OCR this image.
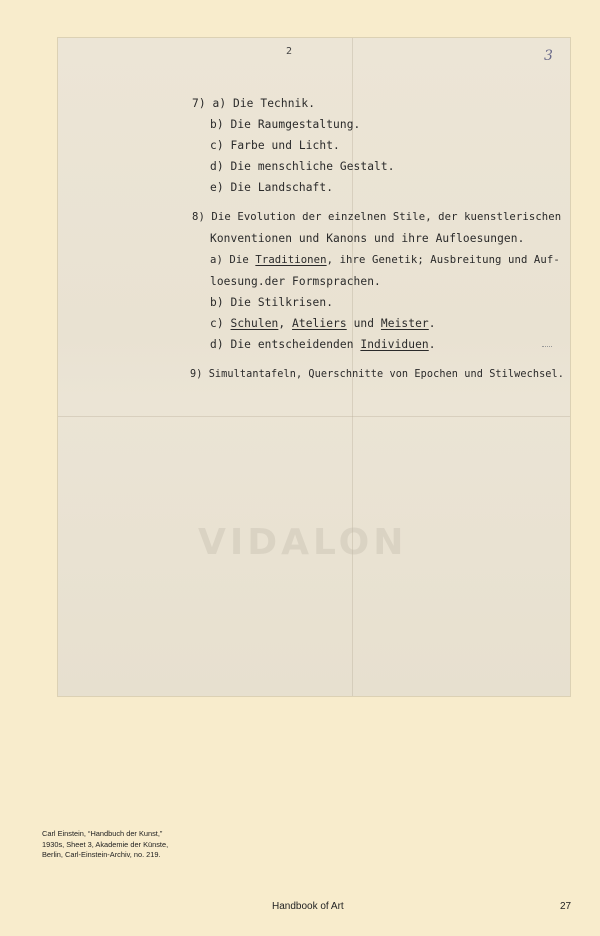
2	3
7) a) Die Technik.
b) Die Raumgestaltung.
c) Farbe und Licht.
d) Die menschliche Gestalt.
e) Die Landschaft.
8) Die Evolution der einzelnen Stile, der kuenstlerischen
Konventionen und Kanons und ihre Aufloesungen.
a) Die Traditionen, ihre Genetik; Ausbreitung und Auf-
loesung.der Formsprachen.
b) Die Stilkrisen.
c) Schulen, Ateliers und Meister.
d) Die entscheidenden Individuen.
9) Simultantafeln, Querschnitte von Epochen und Stilwechsel.
VIDALON
Carl Einstein, “Handbuch der Kunst,”
1930s, Sheet 3, Akademie der Künste,
Berlin, Carl-Einstein-Archiv, no. 219.
Handbook of Art	27
